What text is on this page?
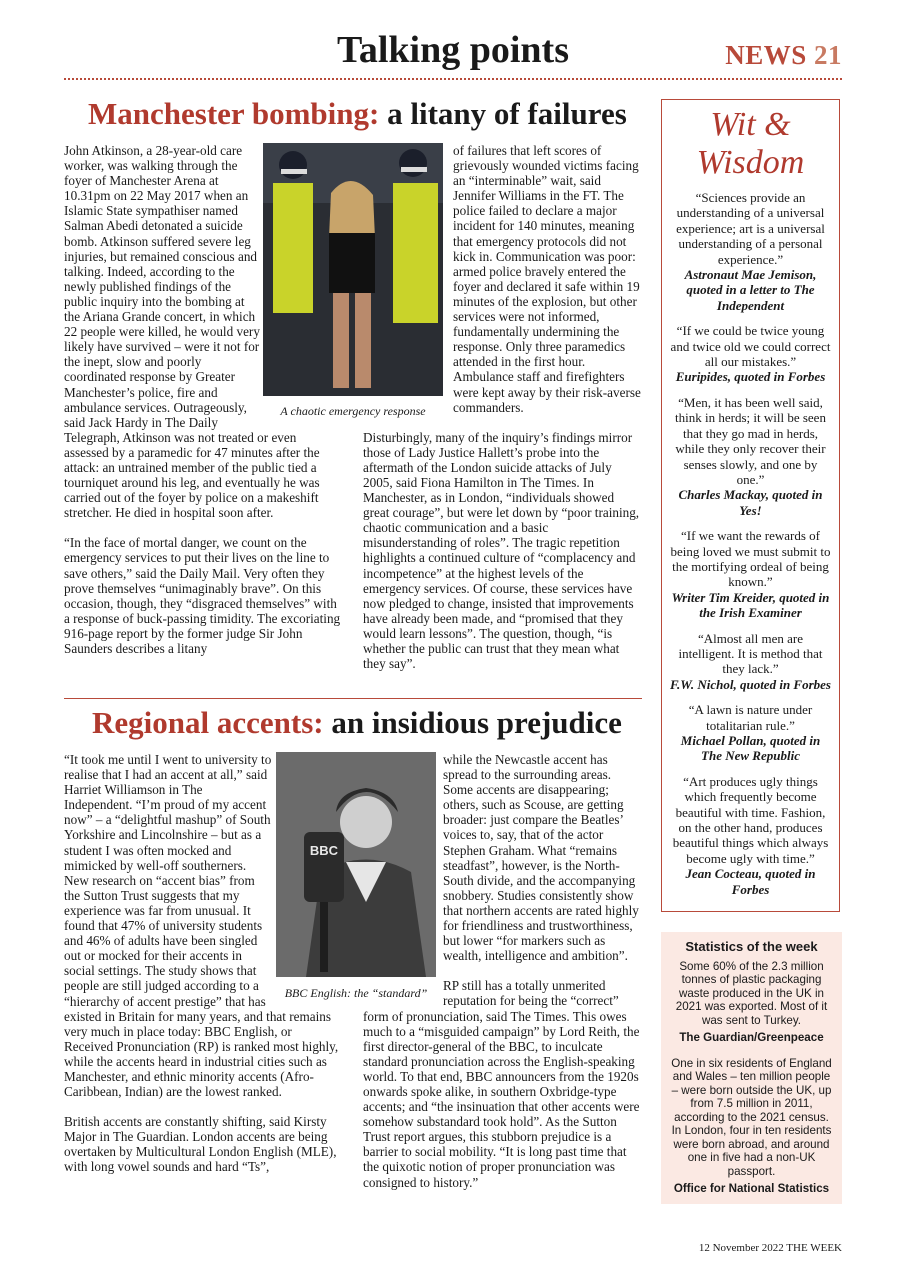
Talking points	NEWS 21
Manchester bombing: a litany of failures
A chaotic emergency response

John Atkinson, a 28-year-old care worker, was walking through the foyer of Manchester Arena at 10.31pm on 22 May 2017 when an Islamic State sympathiser named Salman Abedi detonated a suicide bomb. Atkinson suffered severe leg injuries, but remained conscious and talking. Indeed, according to the newly published findings of the public inquiry into the bombing at the Ariana Grande concert, in which 22 people were killed, he would very likely have survived – were it not for the inept, slow and poorly coordinated response by Greater Manchester’s police, fire and ambulance services. Outrageously, said Jack Hardy in The Daily Telegraph, Atkinson was not treated or even assessed by a paramedic for 47 minutes after the attack: an untrained member of the public tied a tourniquet around his leg, and eventually he was carried out of the foyer by police on a makeshift stretcher. He died in hospital soon after.

“In the face of mortal danger, we count on the emergency services to put their lives on the line to save others,” said the Daily Mail. Very often they prove themselves “unimaginably brave”. On this occasion, though, they “disgraced themselves” with a response of buck-passing timidity. The excoriating 916-page report by the former judge Sir John Saunders describes a litany

of failures that left scores of grievously wounded victims facing an “interminable” wait, said Jennifer Williams in the FT. The police failed to declare a major incident for 140 minutes, meaning that emergency protocols did not kick in. Communication was poor: armed police bravely entered the foyer and declared it safe within 19 minutes of the explosion, but other services were not informed, fundamentally undermining the response. Only three paramedics attended in the first hour. Ambulance staff and firefighters were kept away by their risk-averse commanders.

Disturbingly, many of the inquiry’s findings mirror those of Lady Justice Hallett’s probe into the aftermath of the London suicide attacks of July 2005, said Fiona Hamilton in The Times. In Manchester, as in London, “individuals showed great courage”, but were let down by “poor training, chaotic communication and a basic misunderstanding of roles”. The tragic repetition highlights a continued culture of “complacency and incompetence” at the highest levels of the emergency services. Of course, these services have now pledged to change, insisted that improvements have already been made, and “promised that they would learn lessons”. The question, though, “is whether the public can trust that they mean what they say”.

Regional accents: an insidious prejudice
BBC
BBC English: the “standard”

“It took me until I went to university to realise that I had an accent at all,” said Harriet Williamson in The Independent. “I’m proud of my accent now” – a “delightful mashup” of South Yorkshire and Lincolnshire – but as a student I was often mocked and mimicked by well-off southerners. New research on “accent bias” from the Sutton Trust suggests that my experience was far from unusual. It found that 47% of university students and 46% of adults have been singled out or mocked for their accents in social settings. The study shows that people are still judged according to a “hierarchy of accent prestige” that has existed in Britain for many years, and that remains very much in place today: BBC English, or Received Pronunciation (RP) is ranked most highly, while the accents heard in industrial cities such as Manchester, and ethnic minority accents (Afro-Caribbean, Indian) are the lowest ranked.

British accents are constantly shifting, said Kirsty Major in The Guardian. London accents are being overtaken by Multicultural London English (MLE), with long vowel sounds and hard “Ts”,

while the Newcastle accent has spread to the surrounding areas. Some accents are disappearing; others, such as Scouse, are getting broader: just compare the Beatles’ voices to, say, that of the actor Stephen Graham. What “remains steadfast”, however, is the North-South divide, and the accompanying snobbery. Studies consistently show that northern accents are rated highly for friendliness and trustworthiness, but lower “for markers such as wealth, intelligence and ambition”.

RP still has a totally unmerited reputation for being the “correct” form of pronunciation, said The Times. This owes much to a “misguided campaign” by Lord Reith, the first director-general of the BBC, to inculcate standard pronunciation across the English-speaking world. To that end, BBC announcers from the 1920s onwards spoke alike, in southern Oxbridge-type accents; and “the insinuation that other accents were somehow substandard took hold”. As the Sutton Trust report argues, this stubborn prejudice is a barrier to social mobility. “It is long past time that the quixotic notion of proper pronunciation was consigned to history.”

Wit &
Wisdom
“Sciences provide an understanding of a universal experience; art is a universal understanding of a personal experience.”
Astronaut Mae Jemison, quoted in a letter to The Independent
“If we could be twice young and twice old we could correct all our mistakes.”
Euripides, quoted in Forbes
“Men, it has been well said, think in herds; it will be seen that they go mad in herds, while they only recover their senses slowly, and one by one.”
Charles Mackay, quoted in Yes!
“If we want the rewards of being loved we must submit to the mortifying ordeal of being known.”
Writer Tim Kreider, quoted in the Irish Examiner
“Almost all men are intelligent. It is method that they lack.”
F.W. Nichol, quoted in Forbes
“A lawn is nature under totalitarian rule.”
Michael Pollan, quoted in The New Republic
“Art produces ugly things which frequently become beautiful with time. Fashion, on the other hand, produces beautiful things which always become ugly with time.”
Jean Cocteau, quoted in Forbes
Statistics of the week
Some 60% of the 2.3 million tonnes of plastic packaging waste produced in the UK in 2021 was exported. Most of it was sent to Turkey.
The Guardian/Greenpeace
One in six residents of England and Wales – ten million people – were born outside the UK, up from 7.5 million in 2011, according to the 2021 census. In London, four in ten residents were born abroad, and around one in five had a non-UK passport.
Office for National Statistics
12 November 2022 THE WEEK
